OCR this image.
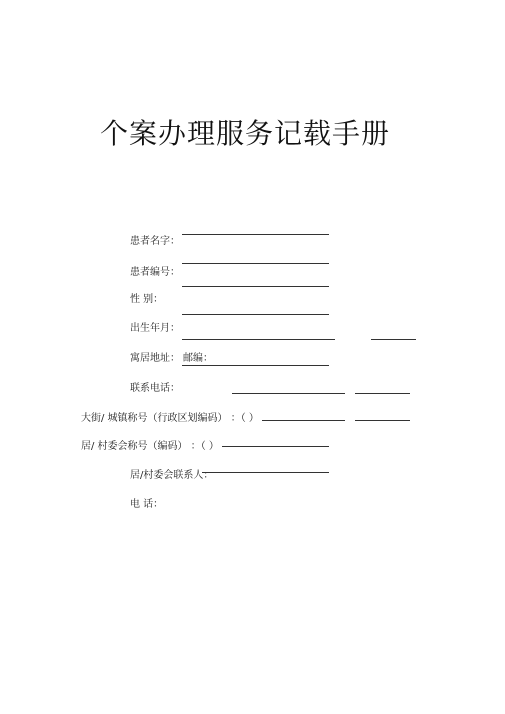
个案办理服务记载手册
患者名字：
患者编号：
性 别：
出生年月：
寓居地址： 邮编：
联系电话：
大街/ 城镇称号（行政区划编码） ：（ ）
居/ 村委会称号（编码） ：（ ）
居/村委会联系人：
电 话：
